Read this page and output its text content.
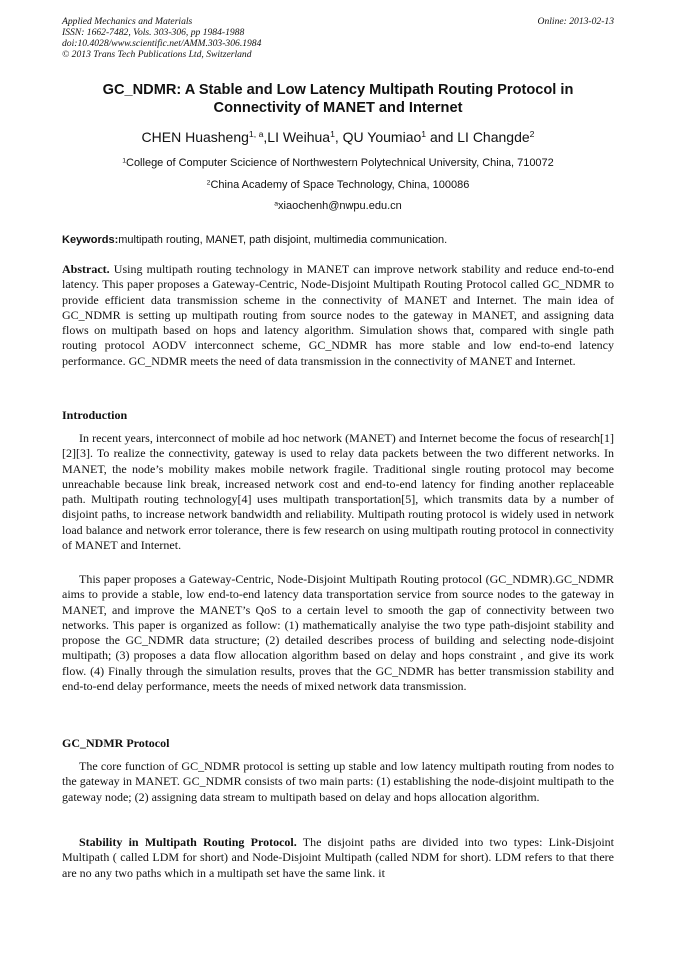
Applied Mechanics and Materials
ISSN: 1662-7482, Vols. 303-306, pp 1984-1988
doi:10.4028/www.scientific.net/AMM.303-306.1984
© 2013 Trans Tech Publications Ltd, Switzerland
Online: 2013-02-13
GC_NDMR: A Stable and Low Latency Multipath Routing Protocol in
Connectivity of MANET and Internet
CHEN Huasheng$^{1, a}$,LI Weihua$^1$, QU Youmiao$^1$ and LI Changde$^2$
$^1$College of Computer Scicience of Northwestern Polytechnical University, China, 710072
$^2$China Academy of Space Technology, China, 100086
$^a$xiaochenh@nwpu.edu.cn
Keywords:multipath routing, MANET, path disjoint, multimedia communication.
Abstract. Using multipath routing technology in MANET can improve network stability and reduce end-to-end latency. This paper proposes a Gateway-Centric, Node-Disjoint Multipath Routing Protocol called GC_NDMR to provide efficient data transmission scheme in the connectivity of MANET and Internet. The main idea of GC_NDMR is setting up multipath routing from source nodes to the gateway in MANET, and assigning data flows on multipath based on hops and latency algorithm. Simulation shows that, compared with single path routing protocol AODV interconnect scheme, GC_NDMR has more stable and low end-to-end latency performance. GC_NDMR meets the need of data transmission in the connectivity of MANET and Internet.
Introduction
In recent years, interconnect of mobile ad hoc network (MANET) and Internet become the focus of research[1][2][3]. To realize the connectivity, gateway is used to relay data packets between the two different networks. In MANET, the node’s mobility makes mobile network fragile. Traditional single routing protocol may become unreachable because link break, increased network cost and end-to-end latency for finding another replaceable path. Multipath routing technology[4] uses multipath transportation[5], which transmits data by a number of disjoint paths, to increase network bandwidth and reliability. Multipath routing protocol is widely used in network load balance and network error tolerance, there is few research on using multipath routing protocol in connectivity of MANET and Internet.
This paper proposes a Gateway-Centric, Node-Disjoint Multipath Routing protocol (GC_NDMR).GC_NDMR aims to provide a stable, low end-to-end latency data transportation service from source nodes to the gateway in MANET, and improve the MANET’s QoS to a certain level to smooth the gap of connectivity between two networks. This paper is organized as follow: (1) mathematically analyise the two type path-disjoint stability and propose the GC_NDMR data structure; (2) detailed describes process of building and selecting node-disjoint multipath; (3) proposes a data flow allocation algorithm based on delay and hops constraint , and give its work flow. (4) Finally through the simulation results, proves that the GC_NDMR has better transmission stability and end-to-end delay performance, meets the needs of mixed network data transmission.
GC_NDMR Protocol
The core function of GC_NDMR protocol is setting up stable and low latency multipath routing from nodes to the gateway in MANET. GC_NDMR consists of two main parts: (1) establishing the node-disjoint multipath to the gateway node; (2) assigning data stream to multipath based on delay and hops allocation algorithm.
Stability in Multipath Routing Protocol. The disjoint paths are divided into two types: Link-Disjoint Multipath ( called LDM for short) and Node-Disjoint Multipath (called NDM for short). LDM refers to that there are no any two paths which in a multipath set have the same link. it
